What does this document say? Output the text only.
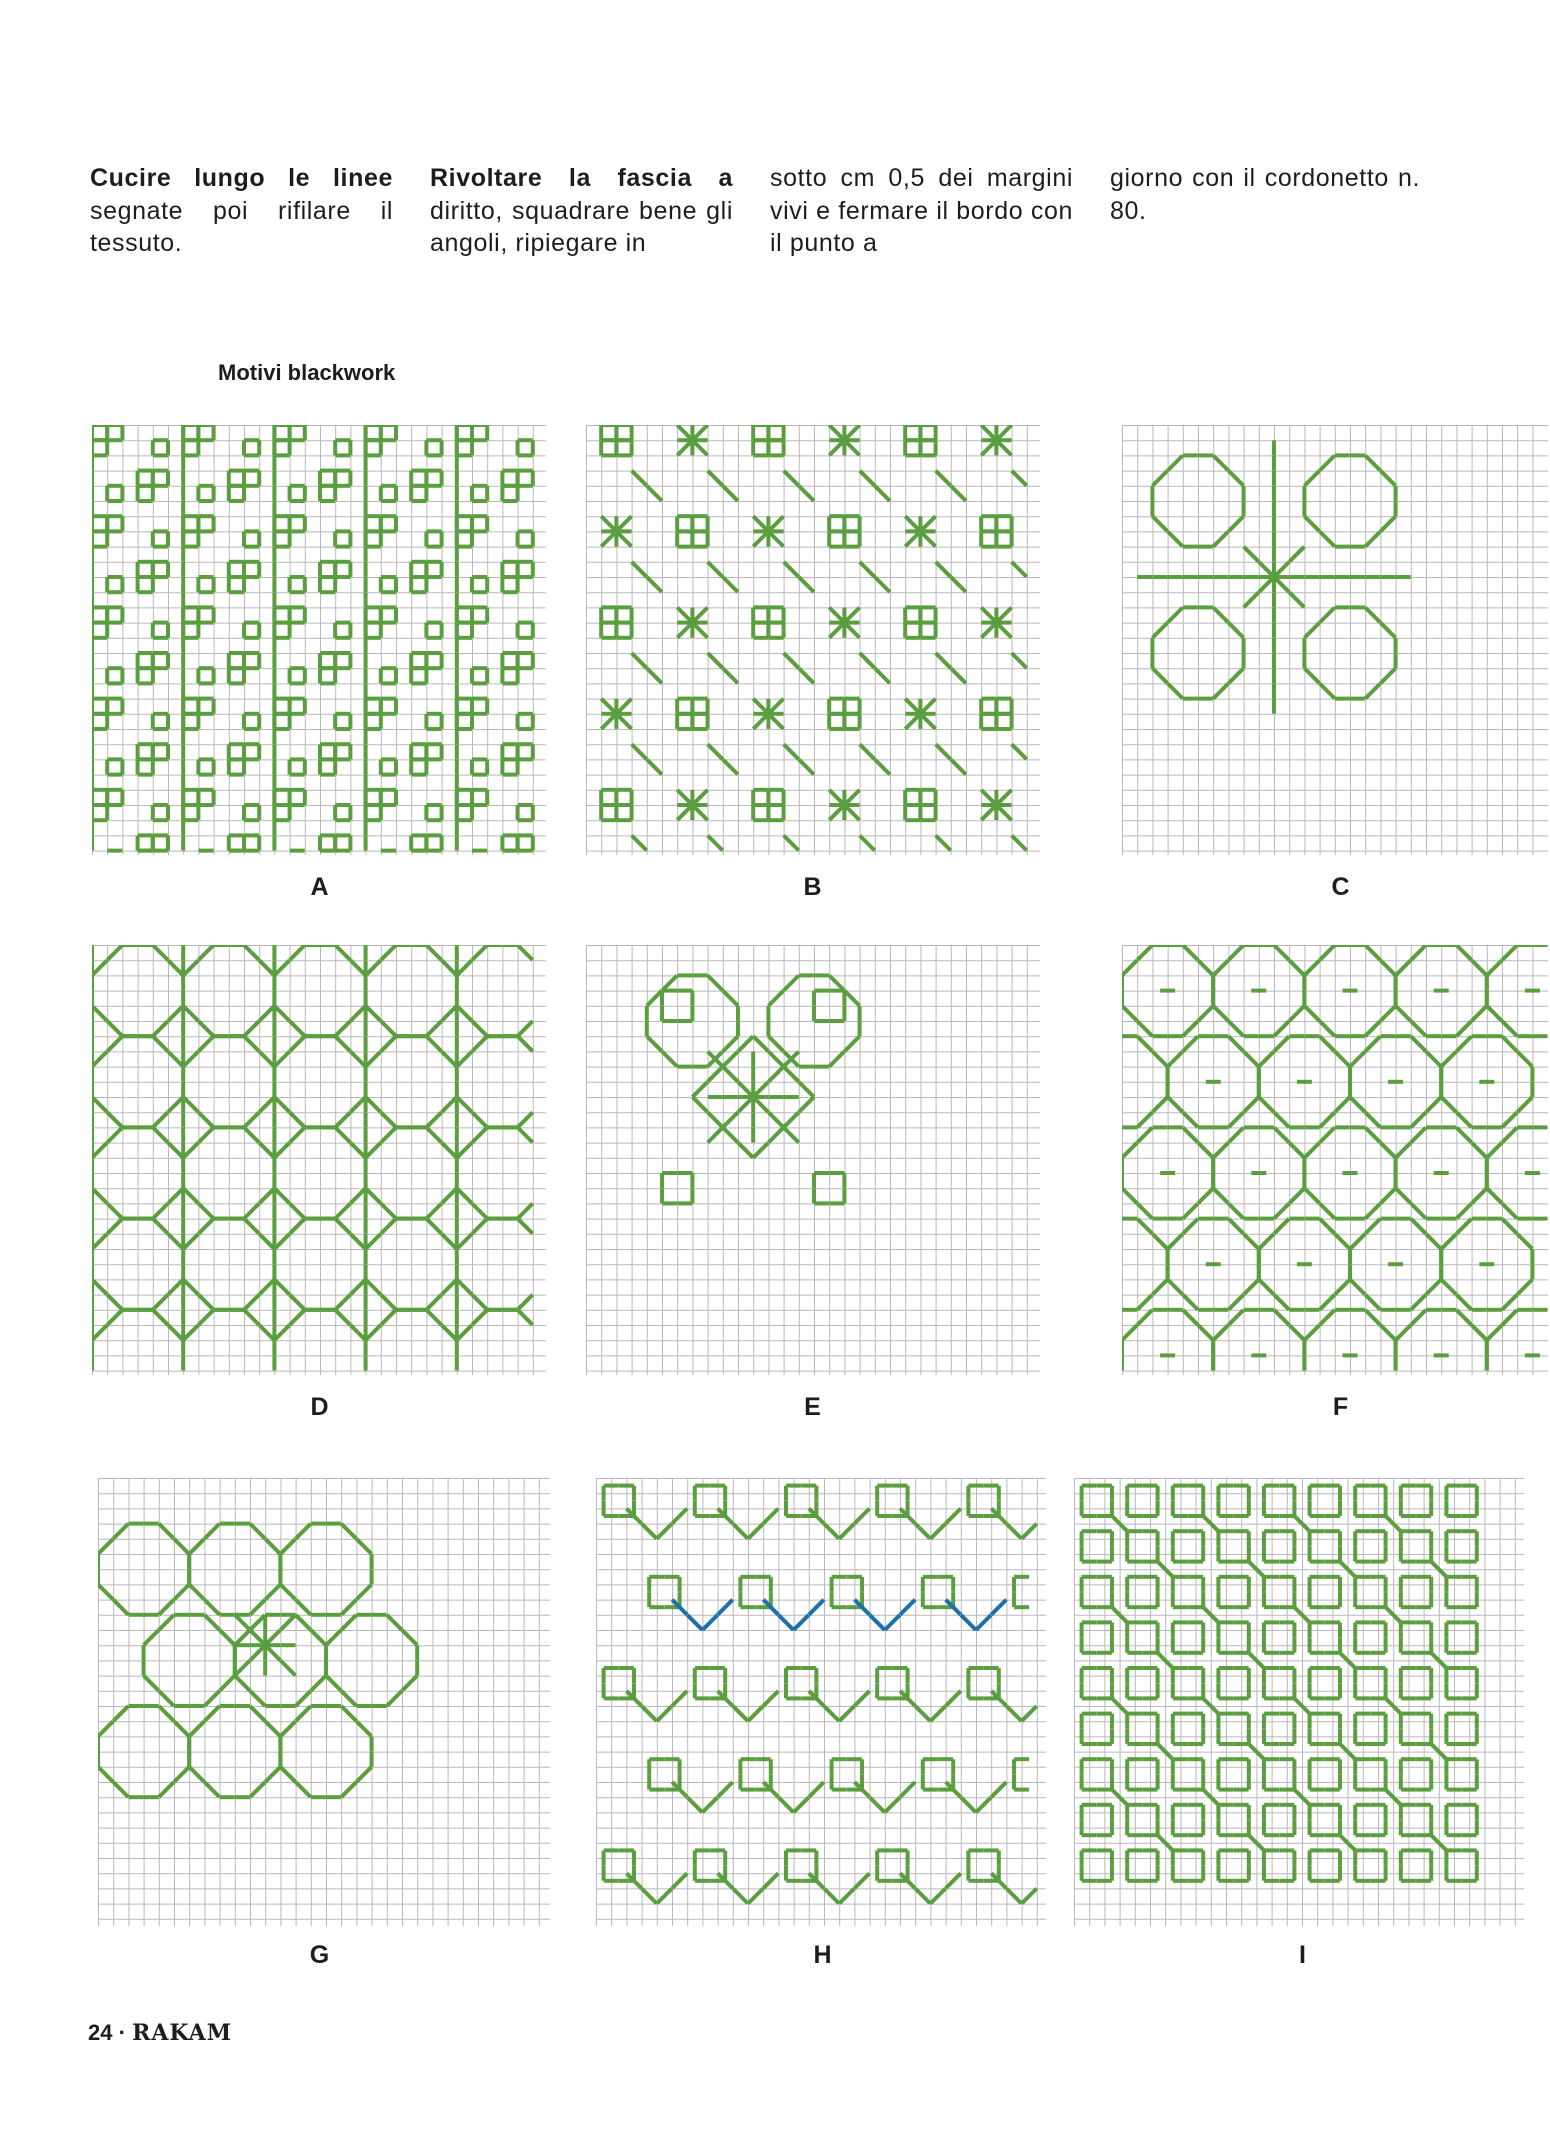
Cucire lungo le linee segnate poi rifilare il tessuto.
Rivoltare la fascia a diritto, squadrare bene gli angoli, ripiegare in
sotto cm 0,5 dei margini vivi e fermare il bordo con il punto a
giorno con il cordonetto n. 80.
Motivi blackwork
A	B	C
D	E	F
G	H	I
24 · RAKAM
